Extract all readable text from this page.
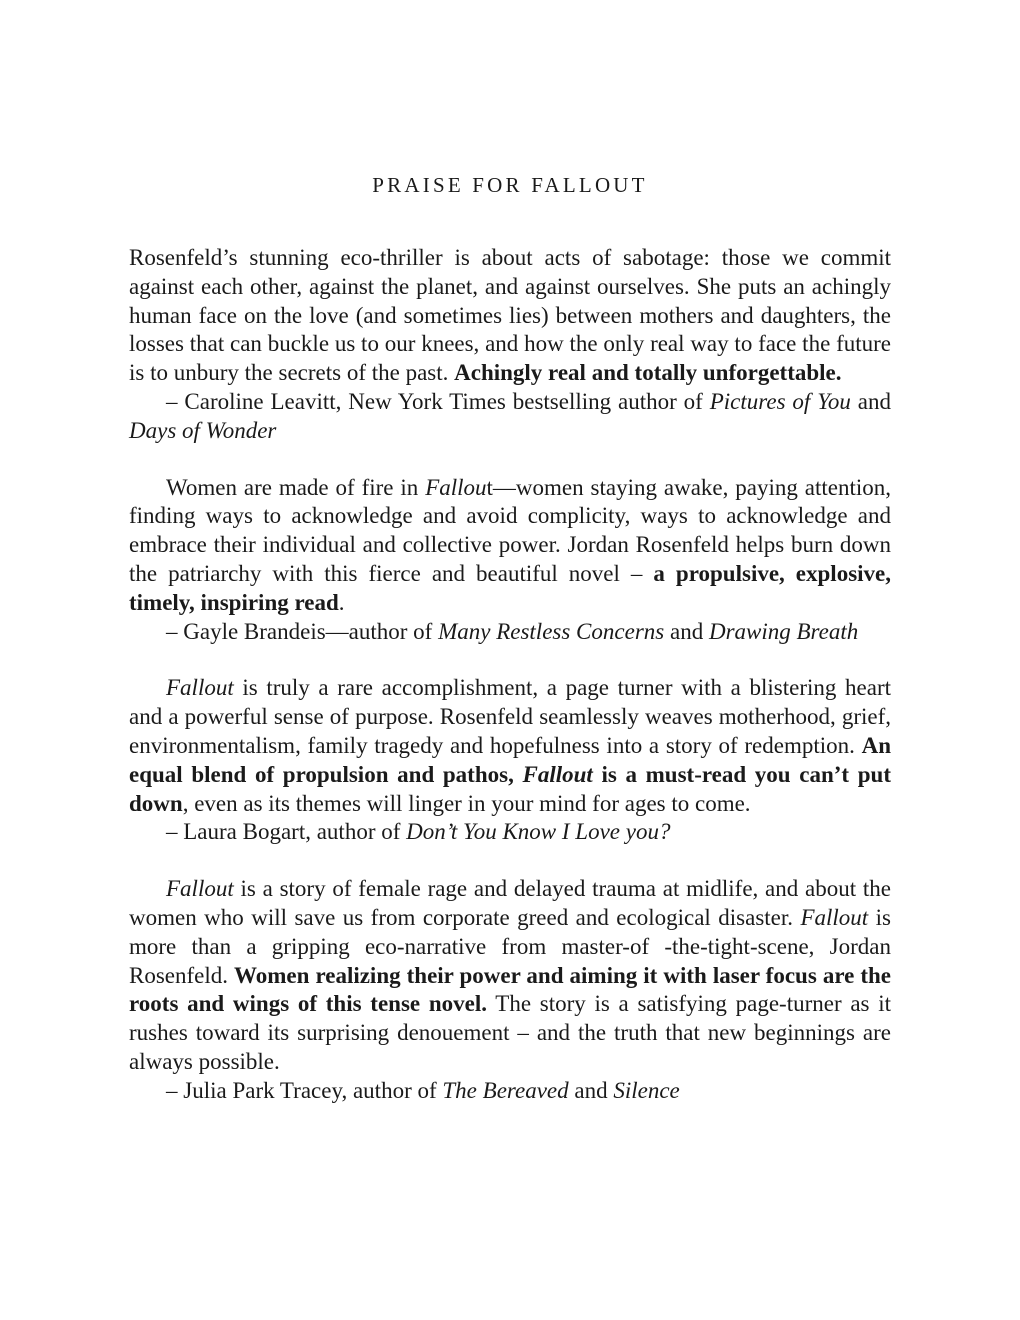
PRAISE FOR FALLOUT

Rosenfeld’s stunning eco-thriller is about acts of sabotage: those we commit against each other, against the planet, and against ourselves. She puts an achingly human face on the love (and sometimes lies) between mothers and daughters, the losses that can buckle us to our knees, and how the only real way to face the future is to unbury the secrets of the past. Achingly real and totally unforgettable.

– Caroline Leavitt, New York Times bestselling author of Pictures of You and Days of Wonder

Women are made of fire in Fallout—women staying awake, paying attention, finding ways to acknowledge and avoid complicity, ways to acknowledge and embrace their individual and collective power. Jordan Rosenfeld helps burn down the patriarchy with this fierce and beautiful novel – a propulsive, explosive, timely, inspiring read.

– Gayle Brandeis—author of Many Restless Concerns and Drawing Breath

Fallout is truly a rare accomplishment, a page turner with a blistering heart and a powerful sense of purpose. Rosenfeld seamlessly weaves motherhood, grief, environmentalism, family tragedy and hopefulness into a story of redemption. An equal blend of propulsion and pathos, Fallout is a must-read you can’t put down, even as its themes will linger in your mind for ages to come.

– Laura Bogart, author of Don’t You Know I Love you?

Fallout is a story of female rage and delayed trauma at midlife, and about the women who will save us from corporate greed and ecological disaster. Fallout is more than a gripping eco-narrative from master-of -the-tight-scene, Jordan Rosenfeld. Women realizing their power and aiming it with laser focus are the roots and wings of this tense novel. The story is a satisfying page-turner as it rushes toward its surprising denouement – and the truth that new beginnings are always possible.

– Julia Park Tracey, author of The Bereaved and Silence
